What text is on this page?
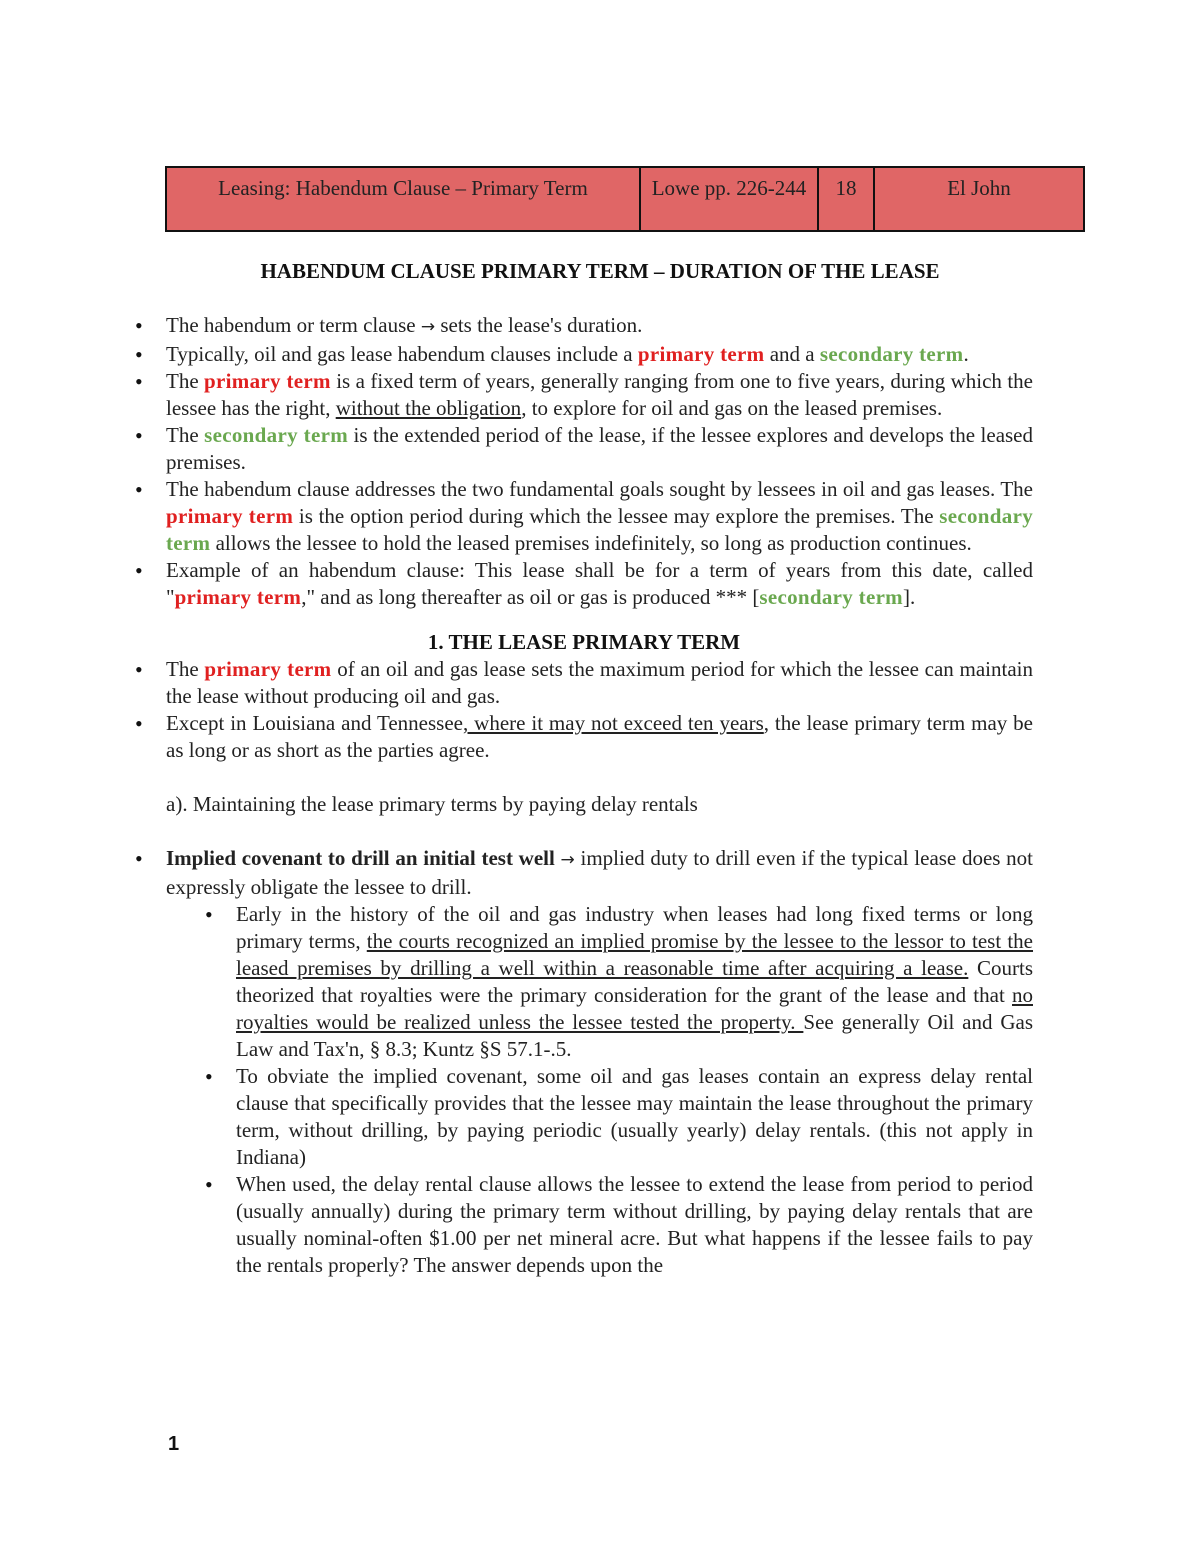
Leasing: Habendum Clause – Primary Term	Lowe pp. 226-244	18	El John
HABENDUM CLAUSE PRIMARY TERM – DURATION OF THE LEASE
• The habendum or term clause → sets the lease's duration.
• Typically, oil and gas lease habendum clauses include a primary term and a secondary term.
• The primary term is a fixed term of years, generally ranging from one to five years, during which the lessee has the right, without the obligation, to explore for oil and gas on the leased premises.
• The secondary term is the extended period of the lease, if the lessee explores and develops the leased premises.
• The habendum clause addresses the two fundamental goals sought by lessees in oil and gas leases. The primary term is the option period during which the lessee may explore the premises. The secondary term allows the lessee to hold the leased premises indefinitely, so long as production continues.
• Example of an habendum clause: This lease shall be for a term of years from this date, called "primary term," and as long thereafter as oil or gas is produced *** [secondary term].
1. THE LEASE PRIMARY TERM
• The primary term of an oil and gas lease sets the maximum period for which the lessee can maintain the lease without producing oil and gas.
• Except in Louisiana and Tennessee, where it may not exceed ten years, the lease primary term may be as long or as short as the parties agree.
a). Maintaining the lease primary terms by paying delay rentals
• Implied covenant to drill an initial test well → implied duty to drill even if the typical lease does not expressly obligate the lessee to drill.
• Early in the history of the oil and gas industry when leases had long fixed terms or long primary terms, the courts recognized an implied promise by the lessee to the lessor to test the leased premises by drilling a well within a reasonable time after acquiring a lease. Courts theorized that royalties were the primary consideration for the grant of the lease and that no royalties would be realized unless the lessee tested the property. See generally Oil and Gas Law and Tax'n, § 8.3; Kuntz §S 57.1-.5.
• To obviate the implied covenant, some oil and gas leases contain an express delay rental clause that specifically provides that the lessee may maintain the lease throughout the primary term, without drilling, by paying periodic (usually yearly) delay rentals. (this not apply in Indiana)
• When used, the delay rental clause allows the lessee to extend the lease from period to period (usually annually) during the primary term without drilling, by paying delay rentals that are usually nominal-often $1.00 per net mineral acre. But what happens if the lessee fails to pay the rentals properly? The answer depends upon the
1
